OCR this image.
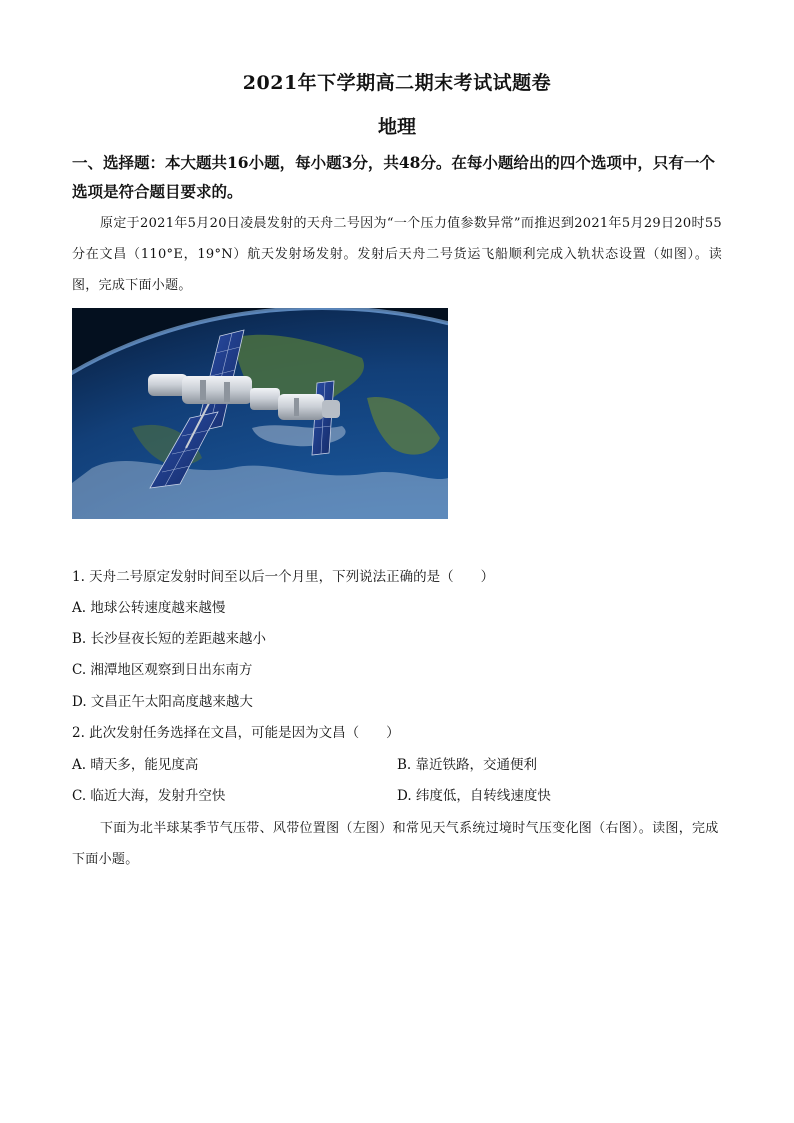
2021年下学期高二期末考试试题卷
地理
一、选择题：本大题共16小题，每小题3分，共48分。在每小题给出的四个选项中，只有一个选项是符合题目要求的。
原定于2021年5月20日凌晨发射的天舟二号因为“一个压力值参数异常”而推迟到2021年5月29日20时55分在文昌（110°E，19°N）航天发射场发射。发射后天舟二号货运飞船顺利完成入轨状态设置（如图）。读图，完成下面小题。
1. 天舟二号原定发射时间至以后一个月里，下列说法正确的是（　　）
A. 地球公转速度越来越慢
B. 长沙昼夜长短的差距越来越小
C. 湘潭地区观察到日出东南方
D. 文昌正午太阳高度越来越大
2. 此次发射任务选择在文昌，可能是因为文昌（　　）
A. 晴天多，能见度高	B. 靠近铁路，交通便利
C. 临近大海，发射升空快	D. 纬度低，自转线速度快
下面为北半球某季节气压带、风带位置图（左图）和常见天气系统过境时气压变化图（右图）。读图，完成下面小题。
